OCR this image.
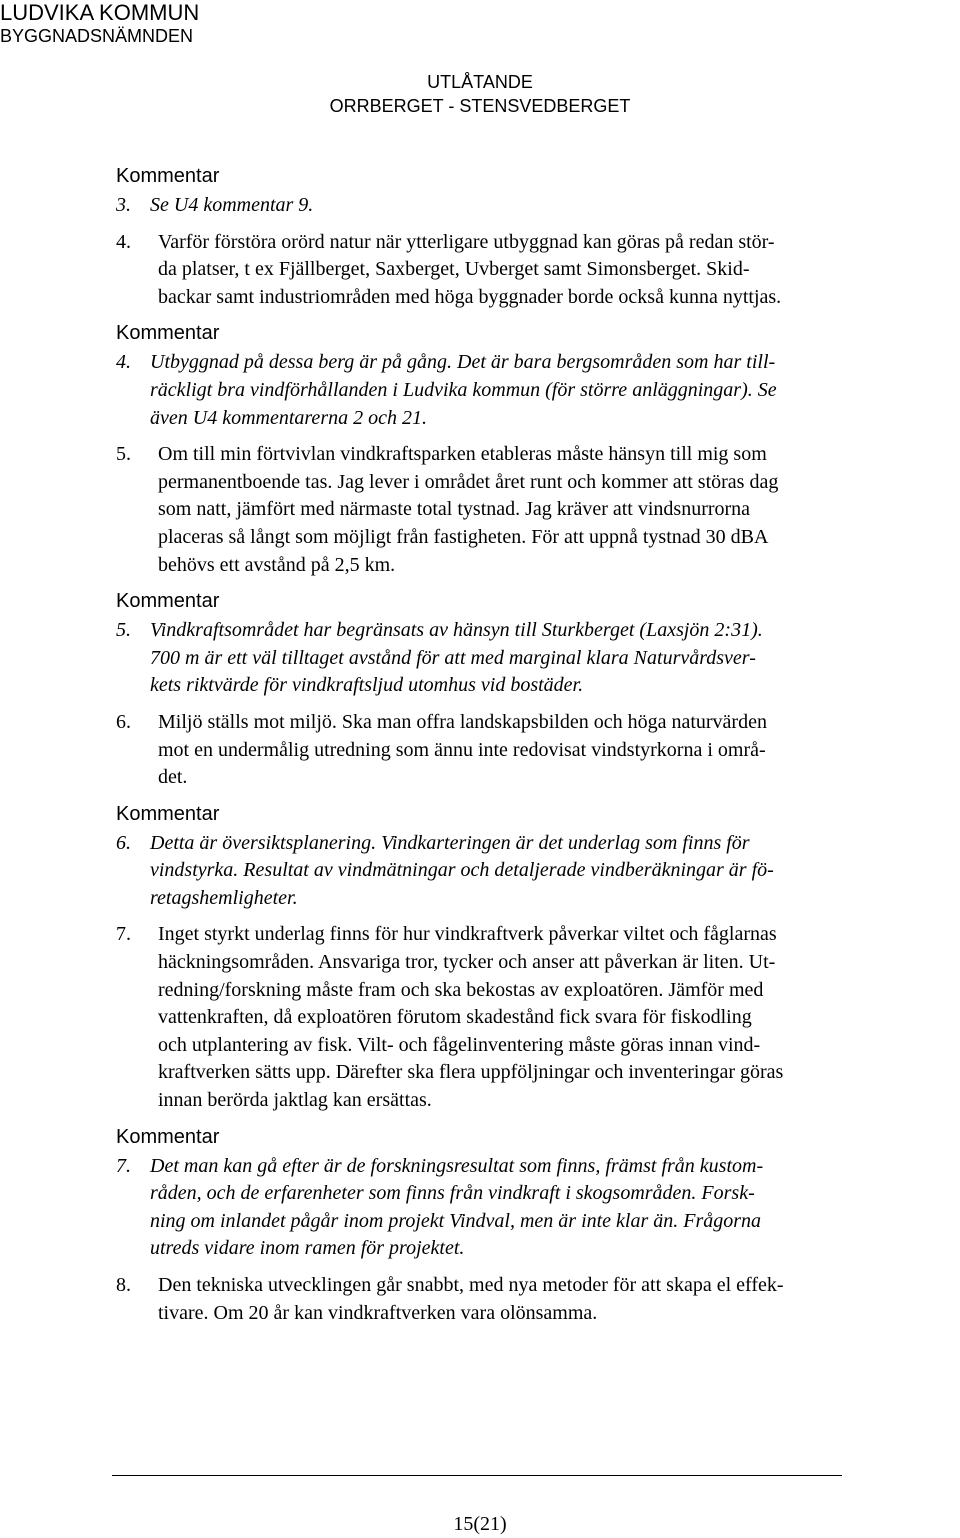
LUDVIKA KOMMUN
BYGGNADSNÄMNDEN
UTLÅTANDE
ORRBERGET - STENSVEDBERGET
Kommentar
3. Se U4 kommentar 9.
4. Varför förstöra orörd natur när ytterligare utbyggnad kan göras på redan stör-
da platser, t ex Fjällberget, Saxberget, Uvberget samt Simonsberget. Skid-
backar samt industriområden med höga byggnader borde också kunna nyttjas.
Kommentar
4. Utbyggnad på dessa berg är på gång. Det är bara bergsområden som har till-
räckligt bra vindförhållanden i Ludvika kommun (för större anläggningar). Se
även U4 kommentarerna 2 och 21.
5. Om till min förtvivlan vindkraftsparken etableras måste hänsyn till mig som
permanentboende tas. Jag lever i området året runt och kommer att störas dag
som natt, jämfört med närmaste total tystnad. Jag kräver att vindsnurrorna
placeras så långt som möjligt från fastigheten. För att uppnå tystnad 30 dBA
behövs ett avstånd på 2,5 km.
Kommentar
5. Vindkraftsområdet har begränsats av hänsyn till Sturkberget (Laxsjön 2:31).
700 m är ett väl tilltaget avstånd för att med marginal klara Naturvårdsver-
kets riktvärde för vindkraftsljud utomhus vid bostäder.
6. Miljö ställs mot miljö. Ska man offra landskapsbilden och höga naturvärden
mot en undermålig utredning som ännu inte redovisat vindstyrkorna i områ-
det.
Kommentar
6. Detta är översiktsplanering. Vindkarteringen är det underlag som finns för
vindstyrka. Resultat av vindmätningar och detaljerade vindberäkningar är fö-
retagshemligheter.
7. Inget styrkt underlag finns för hur vindkraftverk påverkar viltet och fåglarnas
häckningsområden. Ansvariga tror, tycker och anser att påverkan är liten. Ut-
redning/forskning måste fram och ska bekostas av exploatören. Jämför med
vattenkraften, då exploatören förutom skadestånd fick svara för fiskodling
och utplantering av fisk. Vilt- och fågelinventering måste göras innan vind-
kraftverken sätts upp. Därefter ska flera uppföljningar och inventeringar göras
innan berörda jaktlag kan ersättas.
Kommentar
7. Det man kan gå efter är de forskningsresultat som finns, främst från kustom-
råden, och de erfarenheter som finns från vindkraft i skogsområden. Forsk-
ning om inlandet pågår inom projekt Vindval, men är inte klar än. Frågorna
utreds vidare inom ramen för projektet.
8. Den tekniska utvecklingen går snabbt, med nya metoder för att skapa el effek-
tivare. Om 20 år kan vindkraftverken vara olönsamma.
15(21)
